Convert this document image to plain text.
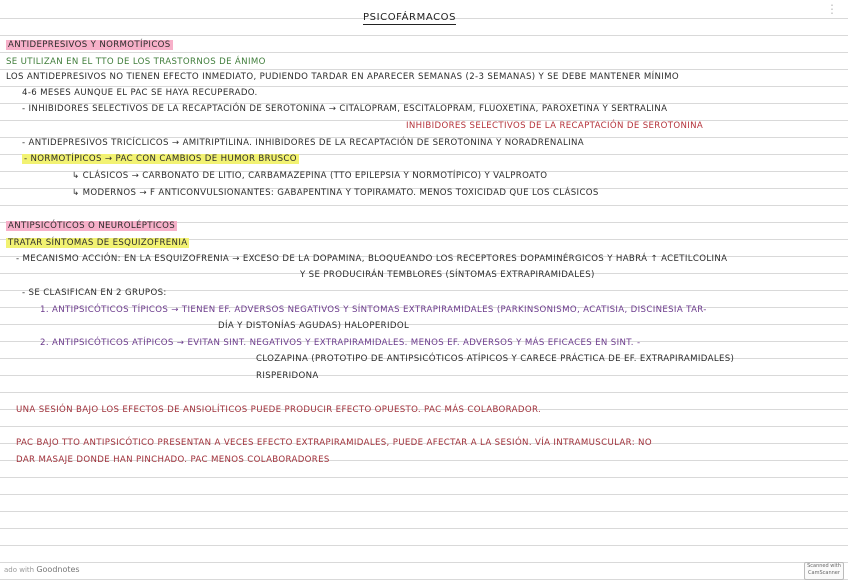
⋮
PSICOFÁRMACOS
ANTIDEPRESIVOS Y NORMOTÍPICOS
SE UTILIZAN EN EL TTO DE LOS TRASTORNOS DE ÁNIMO
LOS ANTIDEPRESIVOS NO TIENEN EFECTO INMEDIATO, PUDIENDO TARDAR EN APARECER SEMANAS (2-3 SEMANAS) Y SE DEBE MANTENER MÍNIMO
4-6 MESES AUNQUE EL PAC SE HAYA RECUPERADO.
- INHIBIDORES SELECTIVOS DE LA RECAPTACIÓN DE SEROTONINA → CITALOPRAM, ESCITALOPRAM, FLUOXETINA, PAROXETINA Y SERTRALINA
INHIBIDORES SELECTIVOS DE LA RECAPTACIÓN DE SEROTONINA
- ANTIDEPRESIVOS TRICÍCLICOS → AMITRIPTILINA. INHIBIDORES DE LA RECAPTACIÓN DE SEROTONINA Y NORADRENALINA
- NORMOTÍPICOS → PAC CON CAMBIOS DE HUMOR BRUSCO
↳ CLÁSICOS → CARBONATO DE LITIO, CARBAMAZEPINA (TTO EPILEPSIA Y NORMOTÍPICO) Y VALPROATO
↳ MODERNOS → F ANTICONVULSIONANTES: GABAPENTINA Y TOPIRAMATO. MENOS TOXICIDAD QUE LOS CLÁSICOS
ANTIPSICÓTICOS O NEUROLÉPTICOS
TRATAR SÍNTOMAS DE ESQUIZOFRENIA
- MECANISMO ACCIÓN: EN LA ESQUIZOFRENIA → EXCESO DE LA DOPAMINA, BLOQUEANDO LOS RECEPTORES DOPAMINÉRGICOS Y HABRÁ ↑ ACETILCOLINA
Y SE PRODUCIRÁN TEMBLORES (SÍNTOMAS EXTRAPIRAMIDALES)
- SE CLASIFICAN EN 2 GRUPOS:
1. ANTIPSICÓTICOS TÍPICOS → TIENEN EF. ADVERSOS NEGATIVOS Y SÍNTOMAS EXTRAPIRAMIDALES (PARKINSONISMO, ACATISIA, DISCINESIA TAR-
DÍA Y DISTONÍAS AGUDAS) HALOPERIDOL
2. ANTIPSICÓTICOS ATÍPICOS → EVITAN SINT. NEGATIVOS Y EXTRAPIRAMIDALES. MENOS EF. ADVERSOS Y MÁS EFICACES EN SINT. -
CLOZAPINA (PROTOTIPO DE ANTIPSICÓTICOS ATÍPICOS Y CARECE PRÁCTICA DE EF. EXTRAPIRAMIDALES)
RISPERIDONA
UNA SESIÓN BAJO LOS EFECTOS DE ANSIOLÍTICOS PUEDE PRODUCIR EFECTO OPUESTO. PAC MÁS COLABORADOR.
PAC BAJO TTO ANTIPSICÓTICO PRESENTAN A VECES EFECTO EXTRAPIRAMIDALES, PUEDE AFECTAR A LA SESIÓN. VÍA INTRAMUSCULAR: NO
DAR MASAJE DONDE HAN PINCHADO. PAC MENOS COLABORADORES
ado with Goodnotes	Scanned with
CamScanner
